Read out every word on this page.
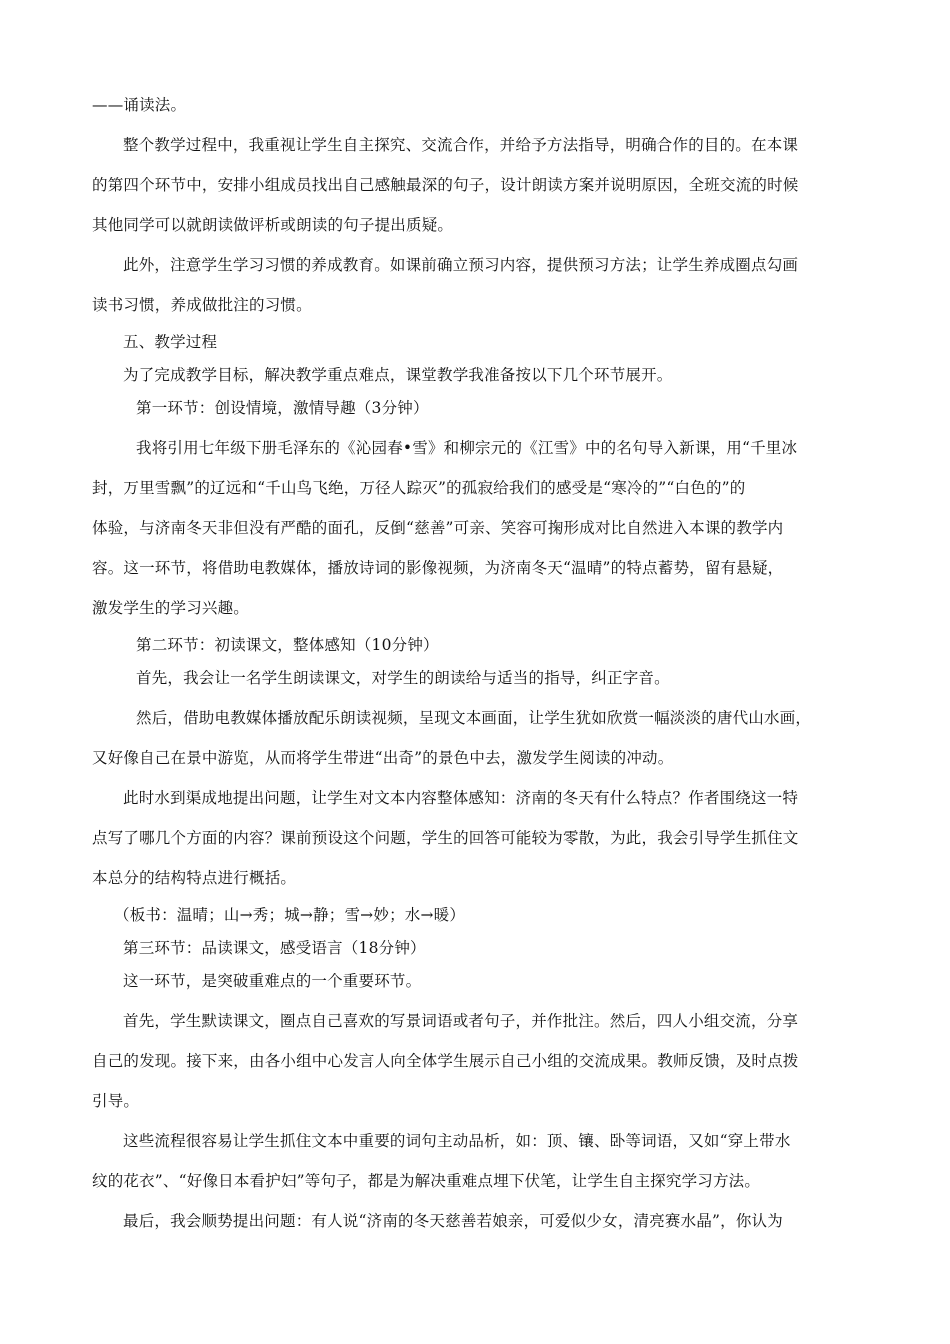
——诵读法。
整个教学过程中，我重视让学生自主探究、交流合作，并给予方法指导，明确合作的目的。在本课
的第四个环节中，安排小组成员找出自己感触最深的句子，设计朗读方案并说明原因，全班交流的时候
其他同学可以就朗读做评析或朗读的句子提出质疑。
此外，注意学生学习习惯的养成教育。如课前确立预习内容，提供预习方法；让学生养成圈点勾画
读书习惯，养成做批注的习惯。
五、教学过程
为了完成教学目标，解决教学重点难点，课堂教学我准备按以下几个环节展开。
第一环节：创设情境，激情导趣（3分钟）
我将引用七年级下册毛泽东的《沁园春•雪》和柳宗元的《江雪》中的名句导入新课，用“千里冰
封，万里雪飘”的辽远和“千山鸟飞绝，万径人踪灭”的孤寂给我们的感受是“寒冷的”“白色的”的
体验，与济南冬天非但没有严酷的面孔，反倒“慈善”可亲、笑容可掬形成对比自然进入本课的教学内
容。这一环节，将借助电教媒体，播放诗词的影像视频，为济南冬天“温晴”的特点蓄势，留有悬疑，
激发学生的学习兴趣。
第二环节：初读课文，整体感知（10分钟）
首先，我会让一名学生朗读课文，对学生的朗读给与适当的指导，纠正字音。
然后，借助电教媒体播放配乐朗读视频，呈现文本画面，让学生犹如欣赏一幅淡淡的唐代山水画，
又好像自己在景中游览，从而将学生带进“出奇”的景色中去，激发学生阅读的冲动。
此时水到渠成地提出问题，让学生对文本内容整体感知：济南的冬天有什么特点？作者围绕这一特
点写了哪几个方面的内容？课前预设这个问题，学生的回答可能较为零散，为此，我会引导学生抓住文
本总分的结构特点进行概括。
（板书：温晴；山→秀；城→静；雪→妙；水→暖）
第三环节：品读课文，感受语言（18分钟）
这一环节，是突破重难点的一个重要环节。
首先，学生默读课文，圈点自己喜欢的写景词语或者句子，并作批注。然后，四人小组交流，分享
自己的发现。接下来，由各小组中心发言人向全体学生展示自己小组的交流成果。教师反馈，及时点拨
引导。
这些流程很容易让学生抓住文本中重要的词句主动品析，如：顶、镶、卧等词语，又如“穿上带水
纹的花衣”、“好像日本看护妇”等句子，都是为解决重难点埋下伏笔，让学生自主探究学习方法。
最后，我会顺势提出问题：有人说“济南的冬天慈善若娘亲，可爱似少女，清亮赛水晶”，你认为
